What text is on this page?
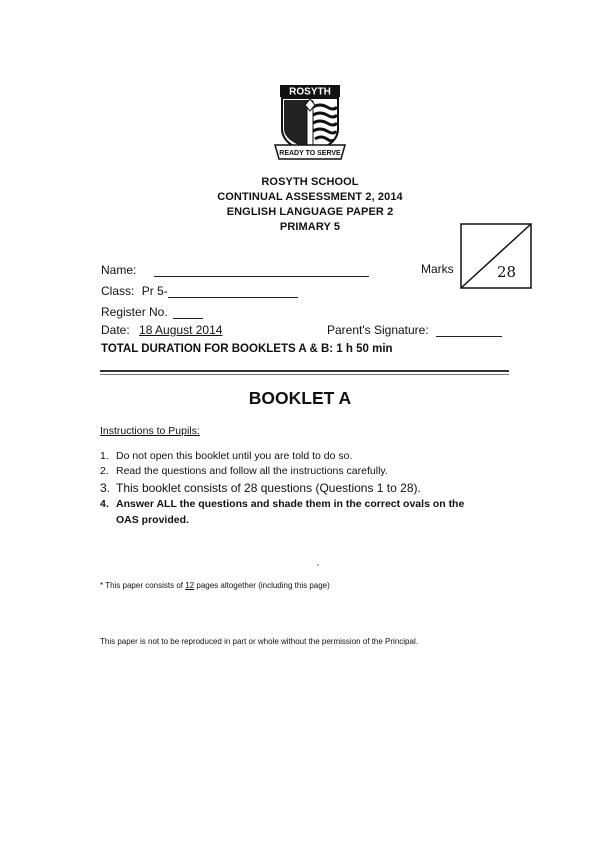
ROSYTH
READY TO SERVE
ROSYTH SCHOOL
CONTINUAL ASSESSMENT 2, 2014
ENGLISH LANGUAGE PAPER 2
PRIMARY 5
Marks	28
Name:
Class: Pr 5-
Register No.
Date: 18 August 2014	Parent's Signature:
TOTAL DURATION FOR BOOKLETS A & B: 1 h 50 min
BOOKLET A
Instructions to Pupils:
1. Do not open this booklet until you are told to do so.
2. Read the questions and follow all the instructions carefully.
3. This booklet consists of 28 questions (Questions 1 to 28).
4. Answer ALL the questions and shade them in the correct ovals on the
OAS provided.
* This paper consists of 12 pages altogether (including this page)
This paper is not to be reproduced in part or whole without the permission of the Principal.
